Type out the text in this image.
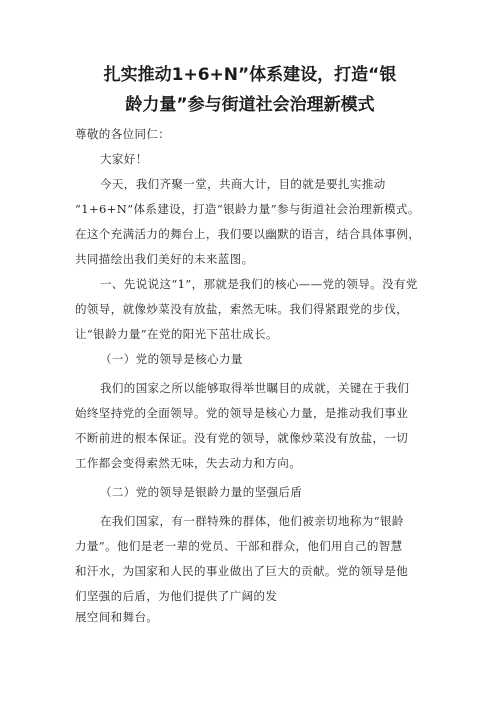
扎实推动1+6+N”体系建设，打造“银
龄力量”参与街道社会治理新模式
尊敬的各位同仁：
大家好！
今天，我们齐聚一堂，共商大计，目的就是要扎实推动
“1+6+N”体系建设，打造“银龄力量”参与街道社会治理新模式。
在这个充满活力的舞台上，我们要以幽默的语言，结合具体事例，
共同描绘出我们美好的未来蓝图。
一、先说说这“1”，那就是我们的核心——党的领导。没有党
的领导，就像炒菜没有放盐，索然无味。我们得紧跟党的步伐，
让“银龄力量”在党的阳光下茁壮成长。
（一）党的领导是核心力量
我们的国家之所以能够取得举世瞩目的成就，关键在于我们
始终坚持党的全面领导。党的领导是核心力量，是推动我们事业
不断前进的根本保证。没有党的领导，就像炒菜没有放盐，一切
工作都会变得索然无味，失去动力和方向。
（二）党的领导是银龄力量的坚强后盾
在我们国家，有一群特殊的群体，他们被亲切地称为“银龄
力量”。他们是老一辈的党员、干部和群众，他们用自己的智慧
和汗水，为国家和人民的事业做出了巨大的贡献。党的领导是他
们坚强的后盾，为他们提供了广阔的发
展空间和舞台。
